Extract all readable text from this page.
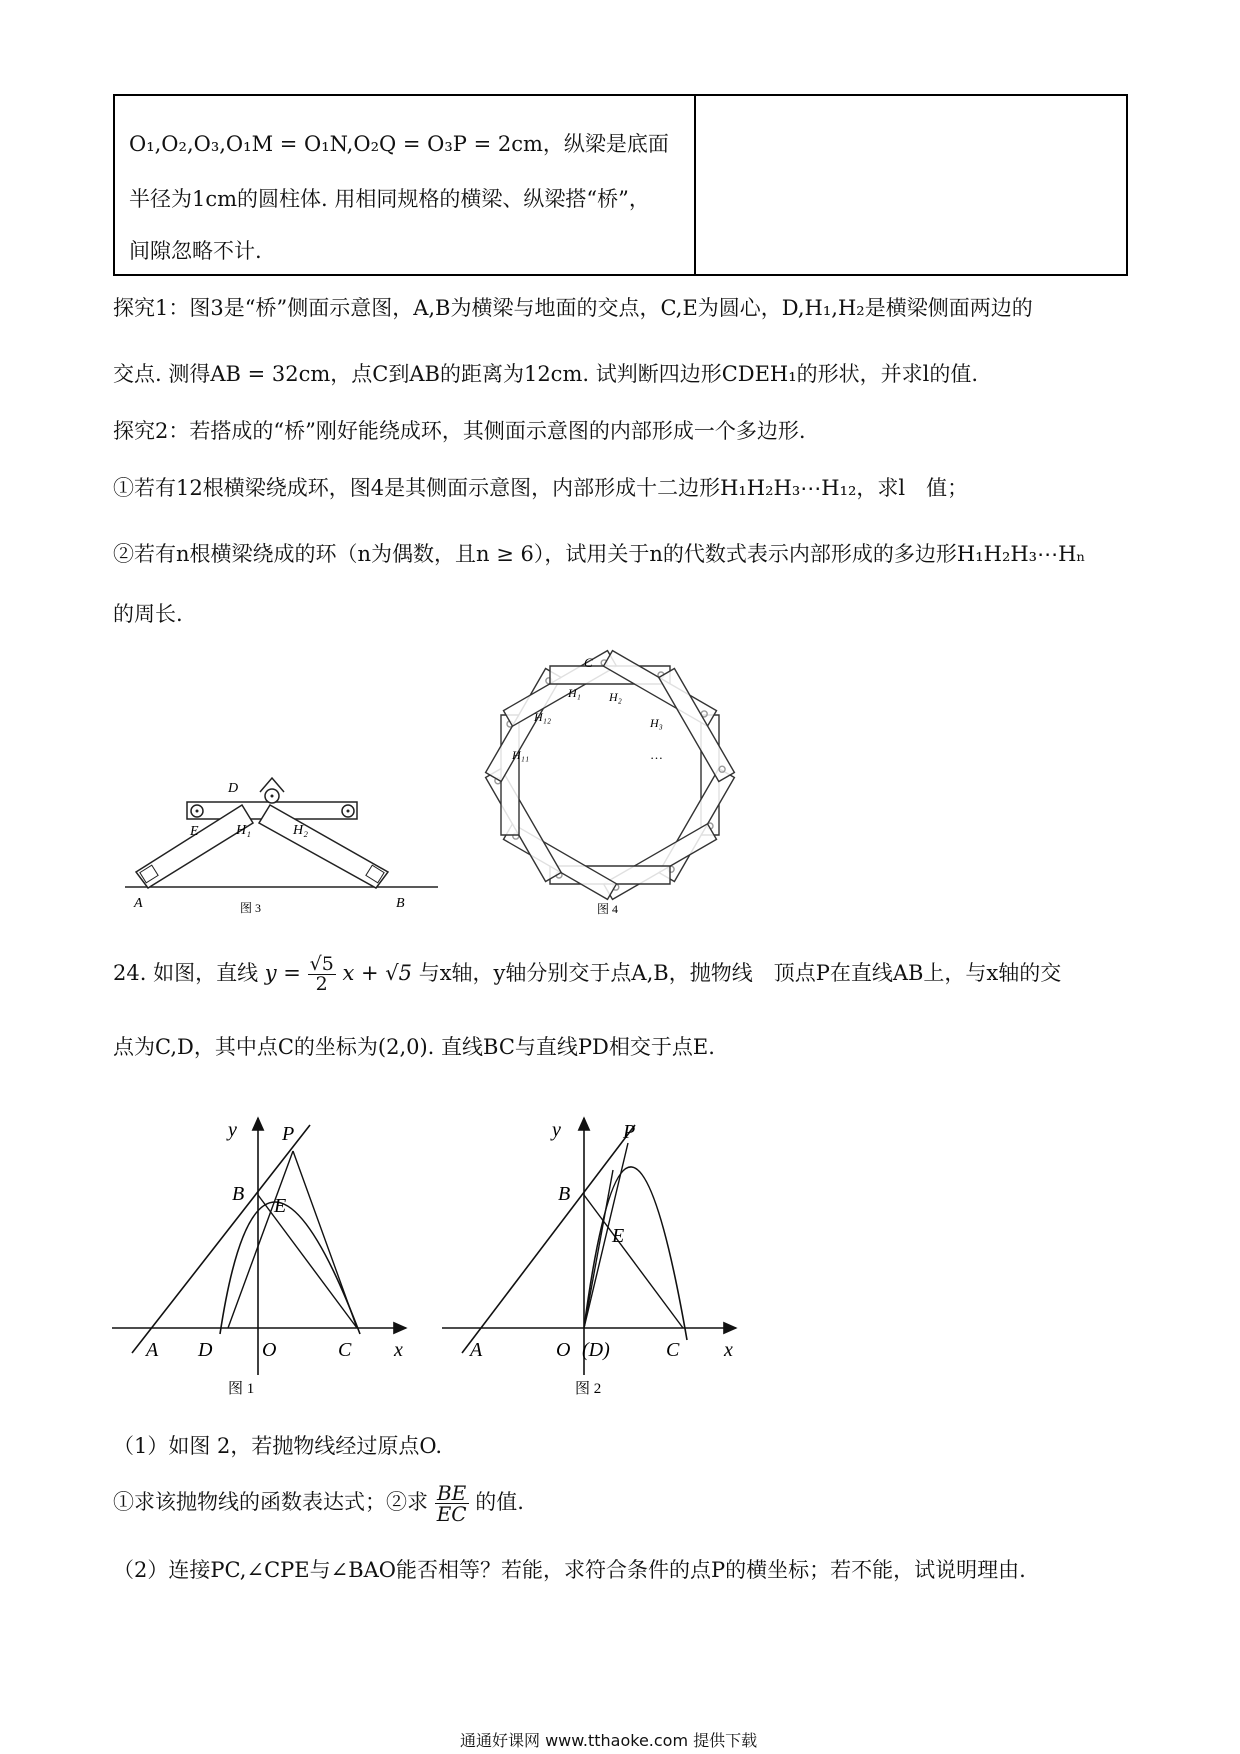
O₁,O₂,O₃,O₁M = O₁N,O₂Q = O₃P = 2cm，纵梁是底面
半径为1cm的圆柱体. 用相同规格的横梁、纵梁搭“桥”，
间隙忽略不计.
探究1：图3是“桥”侧面示意图，A,B为横梁与地面的交点，C,E为圆心，D,H₁,H₂是横梁侧面两边的
交点. 测得AB = 32cm，点C到AB的距离为12cm. 试判断四边形CDEH₁的形状，并求l的值.
探究2：若搭成的“桥”刚好能绕成环，其侧面示意图的内部形成一个多边形.
①若有12根横梁绕成环，图4是其侧面示意图，内部形成十二边形H₁H₂H₃⋯H₁₂，求l　值；
②若有n根横梁绕成的环（n为偶数，且n ≥ 6），试用关于n的代数式表示内部形成的多边形H₁H₂H₃⋯Hₙ
的周长.
D
E	H₁	H₂
A	B
图 3
C
H₁ H₂
H₃
H₁₂
H₁₁	…
图 4
24. 如图，直线 $y = \frac{√5}{2}$ x + √5 与x轴，y轴分别交于点A,B，抛物线　顶点P在直线AB上，与x轴的交
点为C,D，其中点C的坐标为(2,0). 直线BC与直线PD相交于点E.
y P
B
E
A D O	C x
图 1
y	P
B
E
A	O (D)	C x
图 2
（1）如图 2，若抛物线经过原点O.
①求该抛物线的函数表达式；②求 $\frac{BE}{EC}$ 的值.
（2）连接PC,∠CPE与∠BAO能否相等？若能，求符合条件的点P的横坐标；若不能，试说明理由.
通通好课网 www.tthaoke.com 提供下载
